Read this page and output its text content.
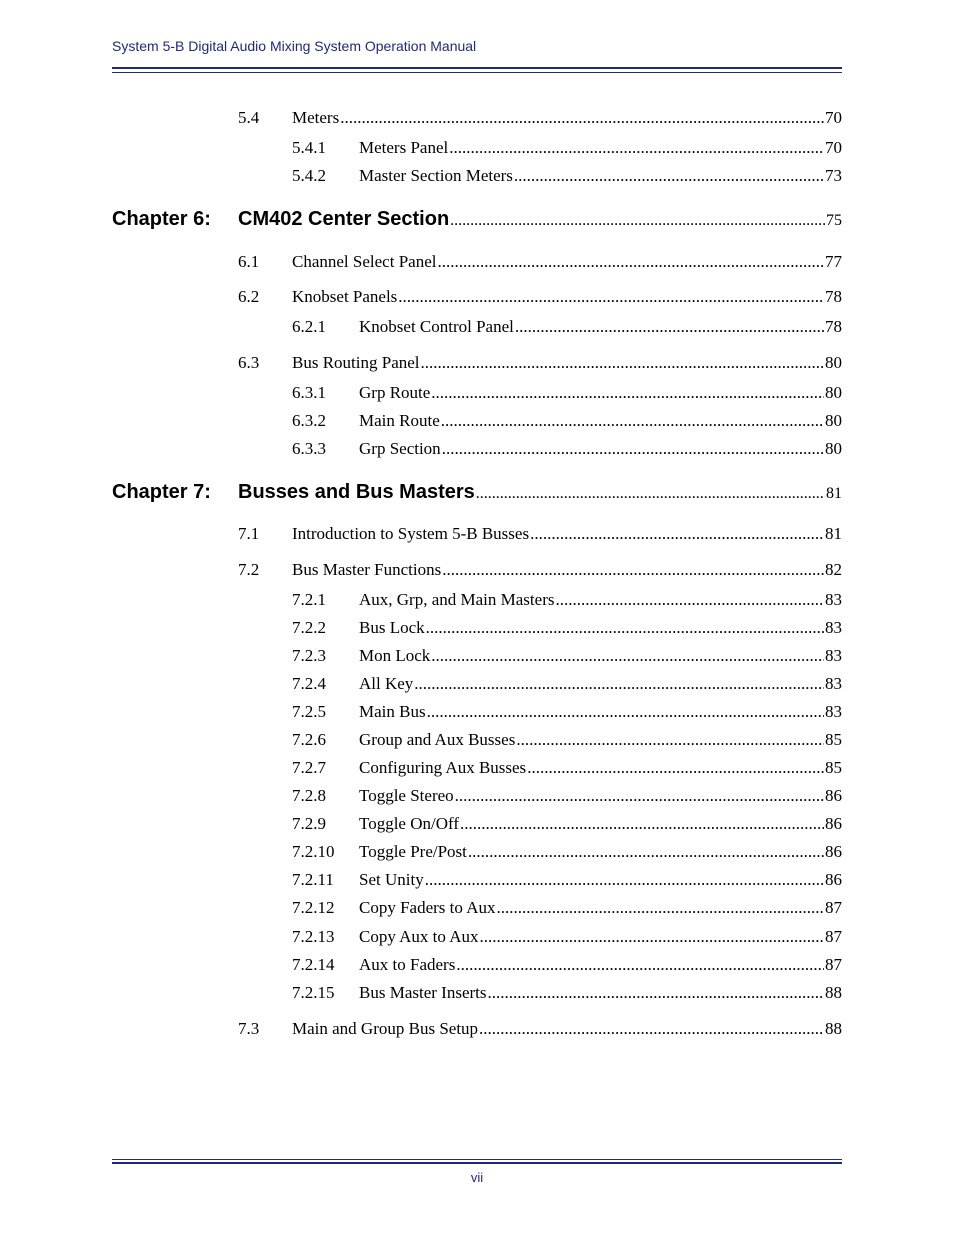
System 5-B Digital Audio Mixing System Operation Manual
5.4	Meters .....	70
5.4.1	Meters Panel .....	70
5.4.2	Master Section Meters .....	73
Chapter 6:	CM402 Center Section .....	75
6.1	Channel Select Panel .....	77
6.2	Knobset Panels .....	78
6.2.1	Knobset Control Panel .....	78
6.3	Bus Routing Panel .....	80
6.3.1	Grp Route .....	80
6.3.2	Main Route .....	80
6.3.3	Grp Section .....	80
Chapter 7:	Busses and Bus Masters .....	81
7.1	Introduction to System 5-B Busses .....	81
7.2	Bus Master Functions .....	82
7.2.1	Aux, Grp, and Main Masters .....	83
7.2.2	Bus Lock .....	83
7.2.3	Mon Lock .....	83
7.2.4	All Key .....	83
7.2.5	Main Bus .....	83
7.2.6	Group and Aux Busses .....	85
7.2.7	Configuring Aux Busses .....	85
7.2.8	Toggle Stereo .....	86
7.2.9	Toggle On/Off .....	86
7.2.10	Toggle Pre/Post .....	86
7.2.11	Set Unity .....	86
7.2.12	Copy Faders to Aux .....	87
7.2.13	Copy Aux to Aux .....	87
7.2.14	Aux to Faders .....	87
7.2.15	Bus Master Inserts .....	88
7.3	Main and Group Bus Setup .....	88
vii
